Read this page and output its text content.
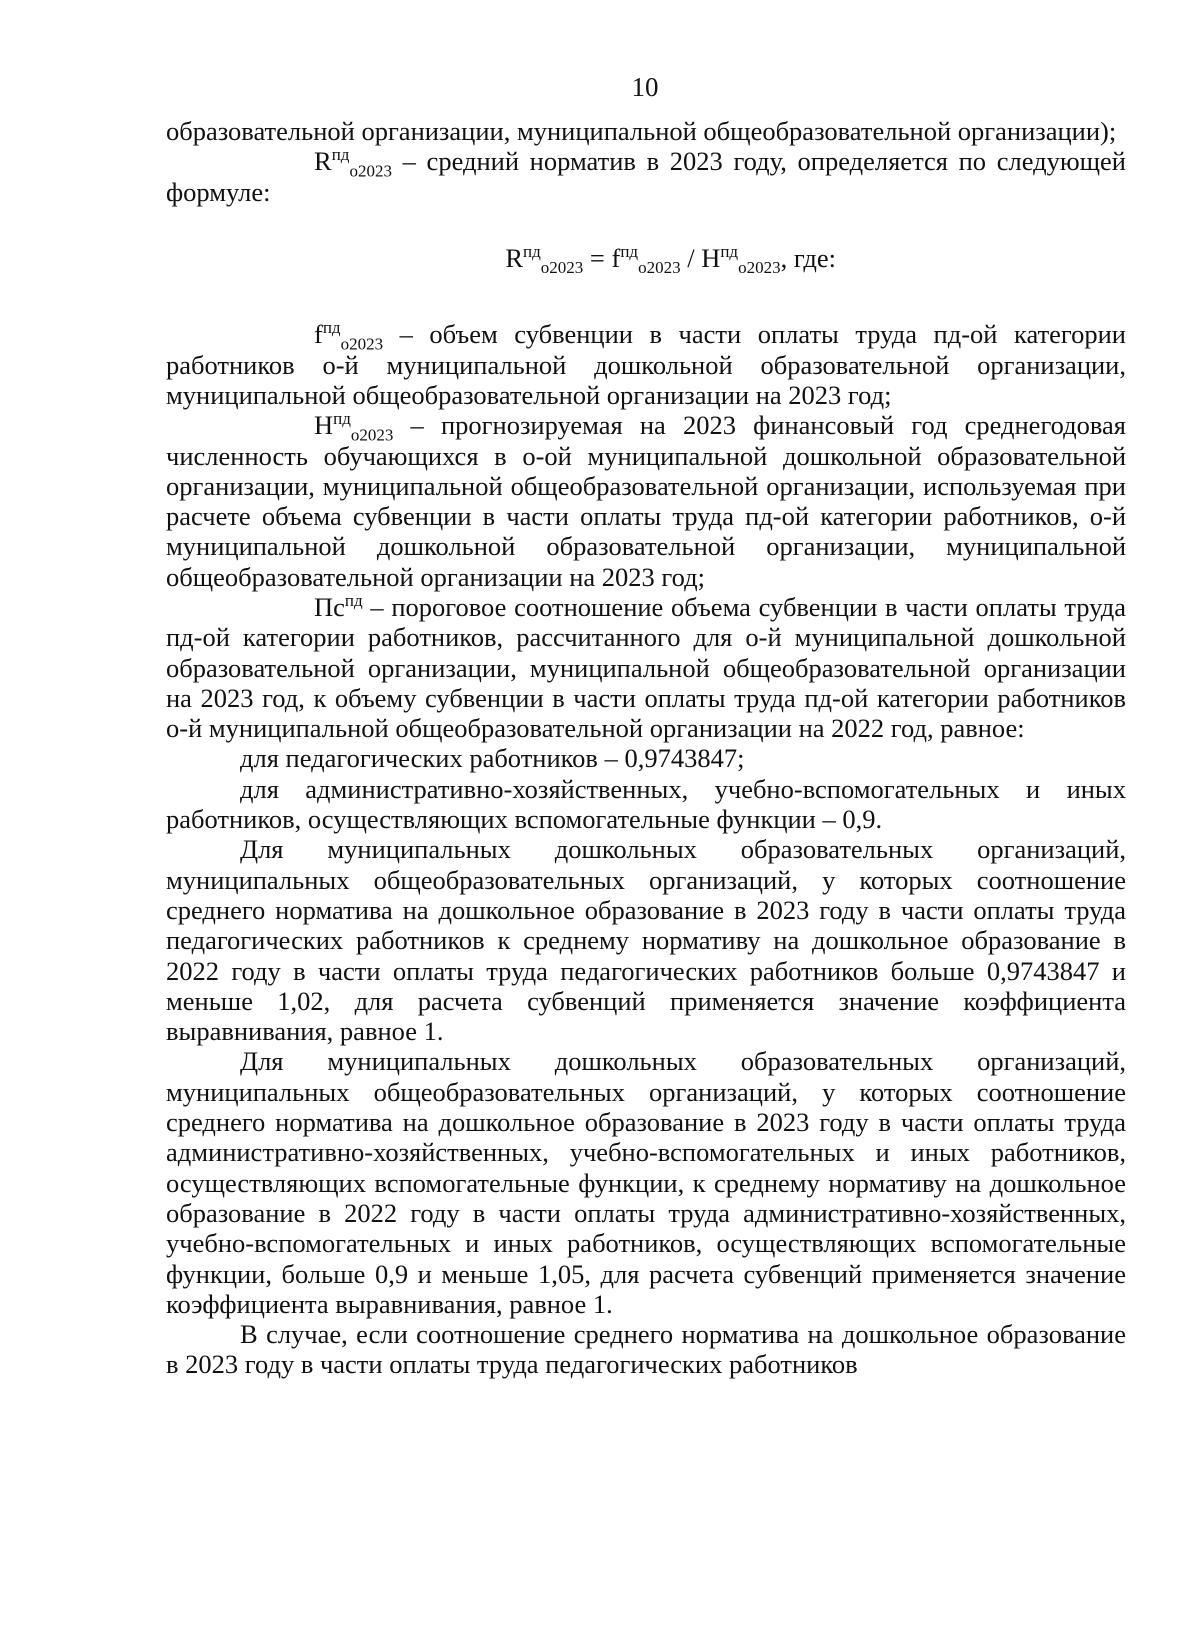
10

образовательной организации, муниципальной общеобразовательной организации);

$R^{пд}_{о2023}$ – средний норматив в 2023 году, определяется по следующей формуле:

$R^{пд}_{о2023} = f^{пд}_{о2023} / H^{пд}_{о2023}$, где:

$f^{пд}_{о2023}$ – объем субвенции в части оплаты труда пд-ой категории работников о-й муниципальной дошкольной образовательной организации, муниципальной общеобразовательной организации на 2023 год;

$H^{пд}_{о2023}$ – прогнозируемая на 2023 финансовый год среднегодовая численность обучающихся в о-ой муниципальной дошкольной образовательной организации, муниципальной общеобразовательной организации, используемая при расчете объема субвенции в части оплаты труда пд-ой категории работников, о-й муниципальной дошкольной образовательной организации, муниципальной общеобразовательной организации на 2023 год;

$Пс^{пд}$ – пороговое соотношение объема субвенции в части оплаты труда пд-ой категории работников, рассчитанного для о-й муниципальной дошкольной образовательной организации, муниципальной общеобразовательной организации на 2023 год, к объему субвенции в части оплаты труда пд-ой категории работников о-й муниципальной общеобразовательной организации на 2022 год, равное:

для педагогических работников – 0,9743847;

для административно-хозяйственных, учебно-вспомогательных и иных работников, осуществляющих вспомогательные функции – 0,9.

Для муниципальных дошкольных образовательных организаций, муниципальных общеобразовательных организаций, у которых соотношение среднего норматива на дошкольное образование в 2023 году в части оплаты труда педагогических работников к среднему нормативу на дошкольное образование в 2022 году в части оплаты труда педагогических работников больше 0,9743847 и меньше 1,02, для расчета субвенций применяется значение коэффициента выравнивания, равное 1.

Для муниципальных дошкольных образовательных организаций, муниципальных общеобразовательных организаций, у которых соотношение среднего норматива на дошкольное образование в 2023 году в части оплаты труда административно-хозяйственных, учебно-вспомогательных и иных работников, осуществляющих вспомогательные функции, к среднему нормативу на дошкольное образование в 2022 году в части оплаты труда административно-хозяйственных, учебно-вспомогательных и иных работников, осуществляющих вспомогательные функции, больше 0,9 и меньше 1,05, для расчета субвенций применяется значение коэффициента выравнивания, равное 1.

В случае, если соотношение среднего норматива на дошкольное образование в 2023 году в части оплаты труда педагогических работников
